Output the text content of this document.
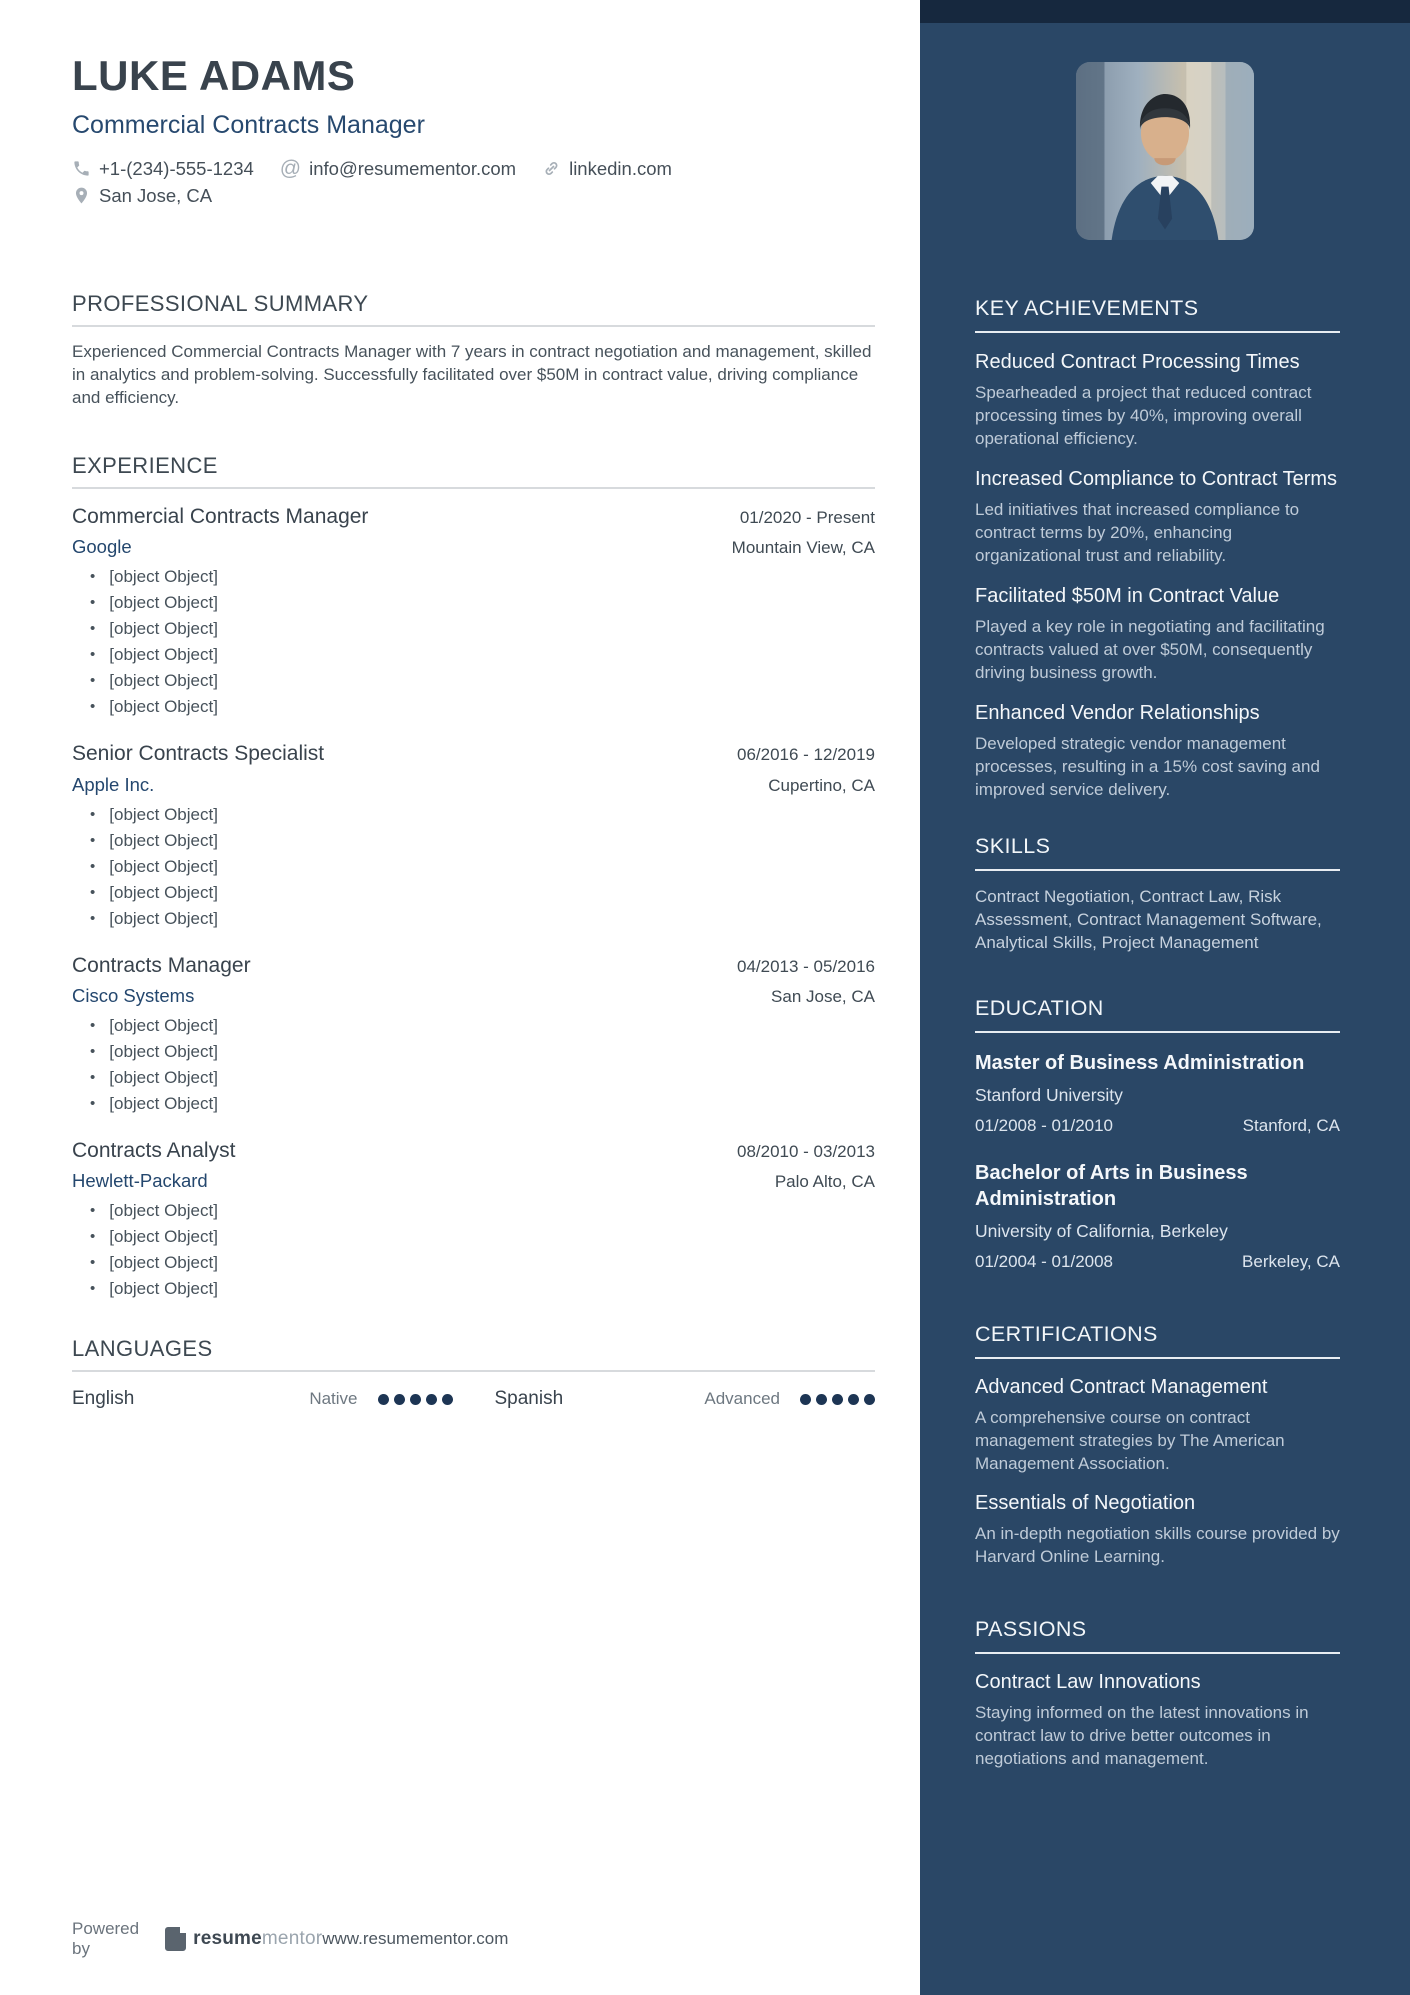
KEY ACHIEVEMENTS
Reduced Contract Processing Times

Spearheaded a project that reduced contract processing times by 40%, improving overall operational efficiency.

Increased Compliance to Contract Terms

Led initiatives that increased compliance to contract terms by 20%, enhancing organizational trust and reliability.

Facilitated $50M in Contract Value

Played a key role in negotiating and facilitating contracts valued at over $50M, consequently driving business growth.

Enhanced Vendor Relationships

Developed strategic vendor management processes, resulting in a 15% cost saving and improved service delivery.

SKILLS

Contract Negotiation, Contract Law, Risk Assessment, Contract Management Software, Analytical Skills, Project Management

EDUCATION
Master of Business Administration
Stanford University
01/2008 - 01/2010	Stanford, CA
Bachelor of Arts in Business Administration
University of California, Berkeley
01/2004 - 01/2008	Berkeley, CA
CERTIFICATIONS
Advanced Contract Management

A comprehensive course on contract management strategies by The American Management Association.

Essentials of Negotiation

An in-depth negotiation skills course provided by Harvard Online Learning.

PASSIONS
Contract Law Innovations

Staying informed on the latest innovations in contract law to drive better outcomes in negotiations and management.

LUKE ADAMS
Commercial Contracts Manager
+1-(234)-555-1234 @ info@resumementor.com	linkedin.com
San Jose, CA
PROFESSIONAL SUMMARY

Experienced Commercial Contracts Manager with 7 years in contract negotiation and management, skilled in analytics and problem-solving. Successfully facilitated over $50M in contract value, driving compliance and efficiency.

EXPERIENCE
Commercial Contracts Manager	01/2020 - Present
Google	Mountain View, CA
• [object Object]
• [object Object]
• [object Object]
• [object Object]
• [object Object]
• [object Object]
Senior Contracts Specialist	06/2016 - 12/2019
Apple Inc.	Cupertino, CA
• [object Object]
• [object Object]
• [object Object]
• [object Object]
• [object Object]
Contracts Manager	04/2013 - 05/2016
Cisco Systems	San Jose, CA
• [object Object]
• [object Object]
• [object Object]
• [object Object]
Contracts Analyst	08/2010 - 03/2013
Hewlett-Packard	Palo Alto, CA
• [object Object]
• [object Object]
• [object Object]
• [object Object]
LANGUAGES
English	Native	Spanish	Advanced
Powered by	resumementor www.resumementor.com
